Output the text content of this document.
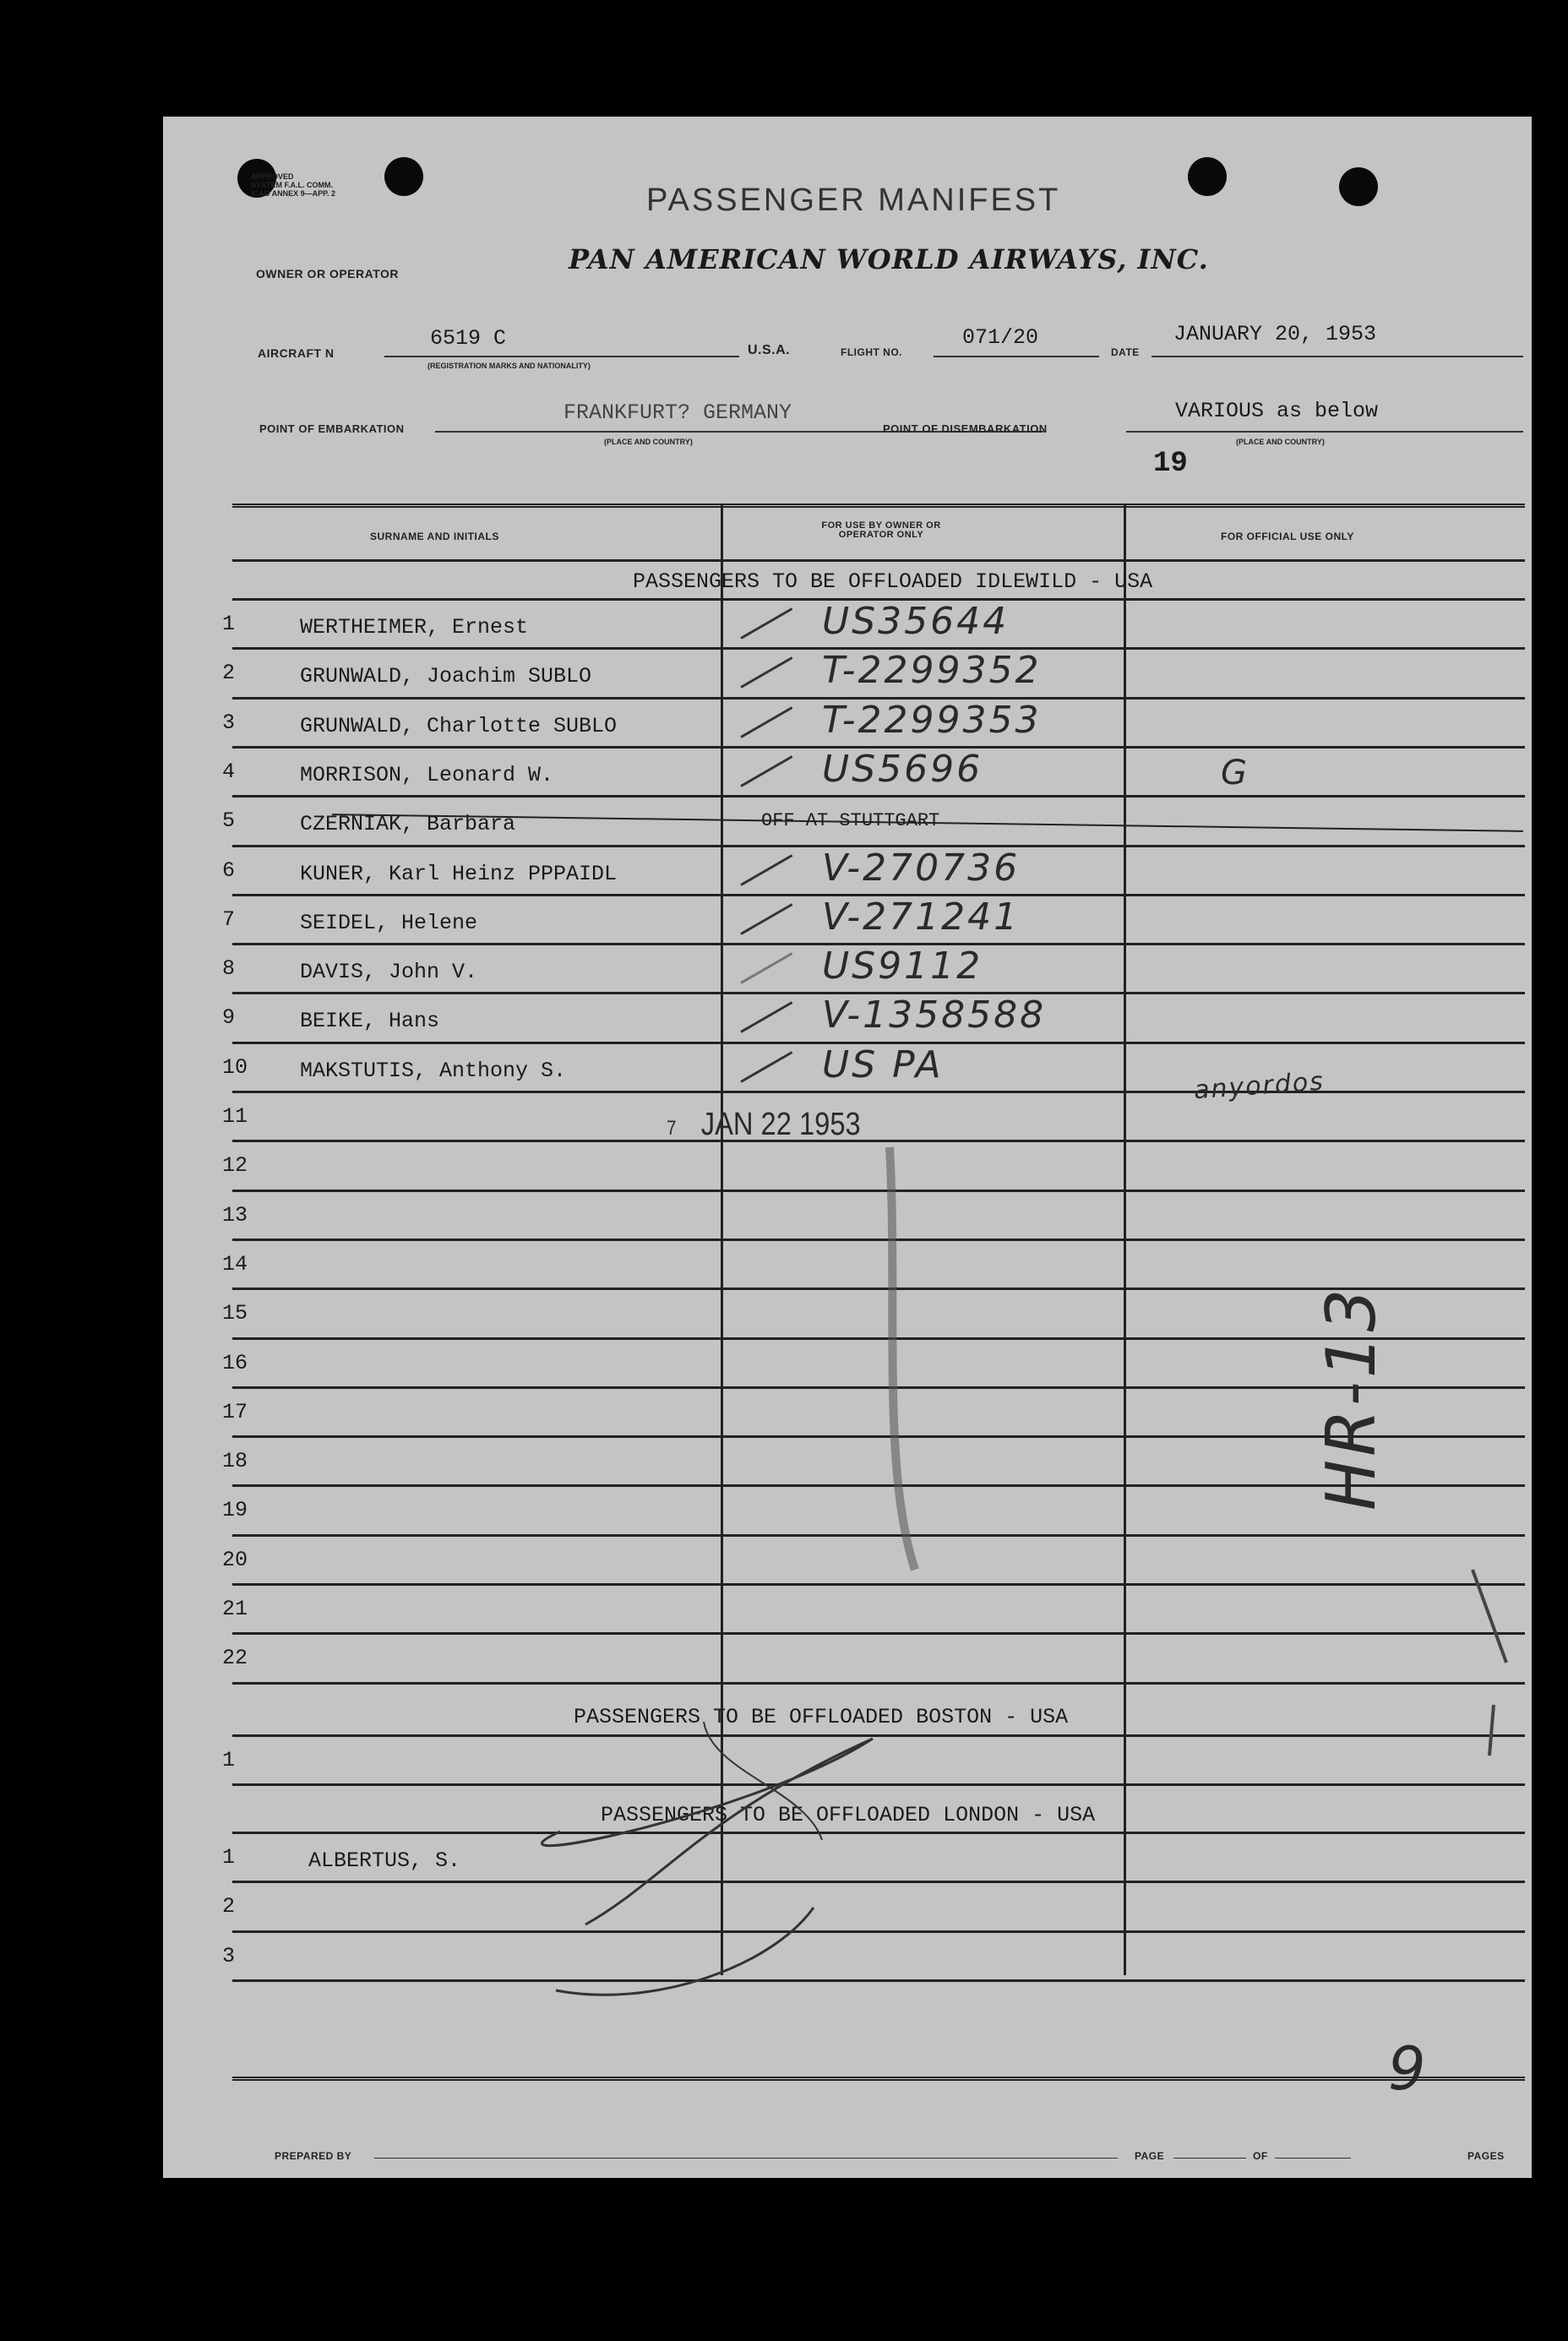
APPROVED
SYSTEM F.A.L. COMM.
ICAO ANNEX 9—APP. 2	PASSENGER MANIFEST
OWNER OR OPERATOR	PAN AMERICAN WORLD AIRWAYS, INC.
AIRCRAFT N
6519 C
(REGISTRATION MARKS AND NATIONALITY)
U.S.A.	FLIGHT NO.
071/20
DATE
JANUARY 20, 1953
POINT OF EMBARKATION
FRANKFURT? GERMANY
(PLACE AND COUNTRY)
POINT OF DISEMBARKATION
VARIOUS as below
(PLACE AND COUNTRY)
19
SURNAME AND INITIALS
FOR USE BY OWNER OR OPERATOR ONLY	FOR OFFICIAL USE ONLY
PASSENGERS TO BE OFFLOADED IDLEWILD - USA
1	WERTHEIMER, Ernest	US35644
2	GRUNWALD, Joachim SUBLO	T-2299352
3	GRUNWALD, Charlotte SUBLO	T-2299353
4	MORRISON, Leonard W.	US5696
5	CZERNIAK, Barbara	OFF AT STUTTGART
6	KUNER, Karl Heinz PPPAIDL	V-270736
7	SEIDEL, Helene	V-271241
8	DAVIS, John V.	US9112
9	BEIKE, Hans	V-1358588
10	MAKSTUTIS, Anthony S.	US PA
11
12
13
14
15
16
17
18
19
20
21
22
1
1	ALBERTUS, S.
2
3
PASSENGERS TO BE OFFLOADED BOSTON - USA
PASSENGERS TO BE OFFLOADED LONDON - USA
7 JAN 22 1953
anyordos
G
HR-13
9
PREPARED BY	PAGE	OF	PAGES
